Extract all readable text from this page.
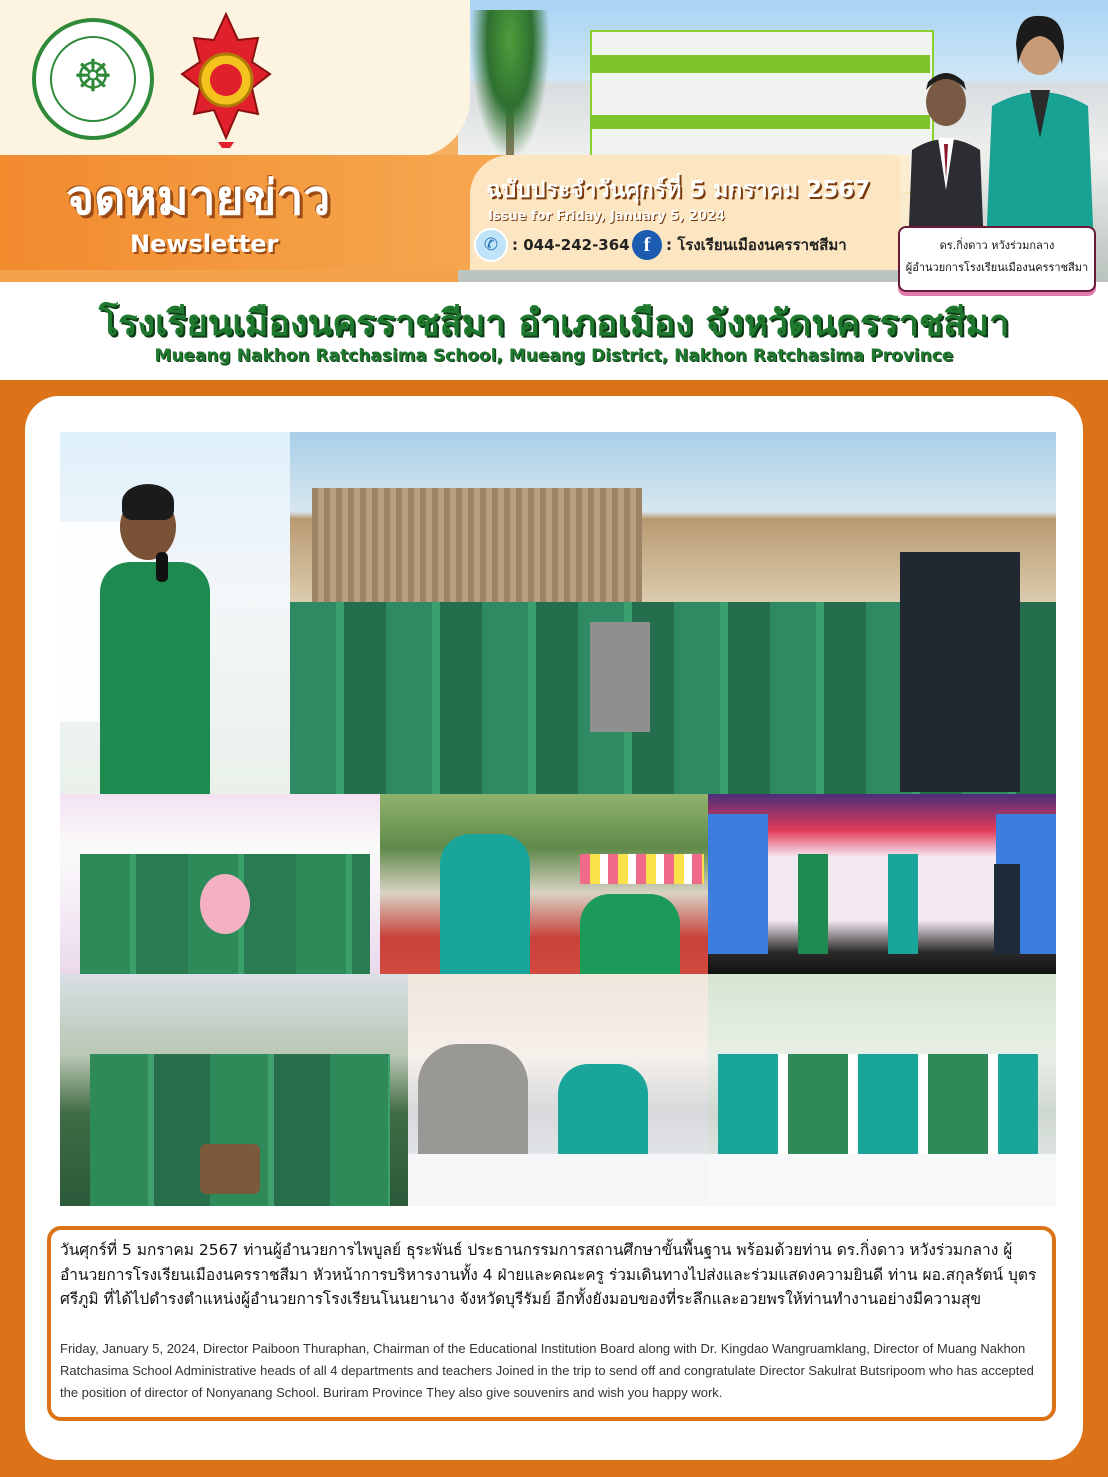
☸
จดหมายข่าว
Newsletter
ฉบับประจำวันศุกร์ที่ 5 มกราคม 2567
Issue for Friday, January 5, 2024
✆ : 044-242-364 f	: โรงเรียนเมืองนครราชสีมา	ดร.กิ่งดาว หวังร่วมกลาง
ผู้อำนวยการโรงเรียนเมืองนครราชสีมา
โรงเรียนเมืองนครราชสีมา อำเภอเมือง จังหวัดนครราชสีมา
Mueang Nakhon Ratchasima School, Mueang District, Nakhon Ratchasima Province
วันศุกร์ที่ 5 มกราคม 2567 ท่านผู้อำนวยการไพบูลย์ ธุระพันธ์ ประธานกรรมการสถานศึกษาขั้นพื้นฐาน พร้อมด้วยท่าน ดร.กิ่งดาว หวังร่วมกลาง ผู้อำนวยการโรงเรียนเมืองนครราชสีมา หัวหน้าการบริหารงานทั้ง 4 ฝ่ายและคณะครู ร่วมเดินทางไปส่งและร่วมแสดงความยินดี ท่าน ผอ.สกุลรัตน์ บุตรศรีภูมิ ที่ได้ไปดำรงตำแหน่งผู้อำนวยการโรงเรียนโนนยานาง จังหวัดบุรีรัมย์ อีกทั้งยังมอบของที่ระลึกและอวยพรให้ท่านทำงานอย่างมีความสุข
Friday, January 5, 2024, Director Paiboon Thuraphan, Chairman of the Educational Institution Board along with Dr. Kingdao Wangruamklang, Director of Muang Nakhon Ratchasima School Administrative heads of all 4 departments and teachers Joined in the trip to send off and congratulate Director Sakulrat Butsripoom who has accepted the position of director of Nonyanang School. Buriram Province They also give souvenirs and wish you happy work.
